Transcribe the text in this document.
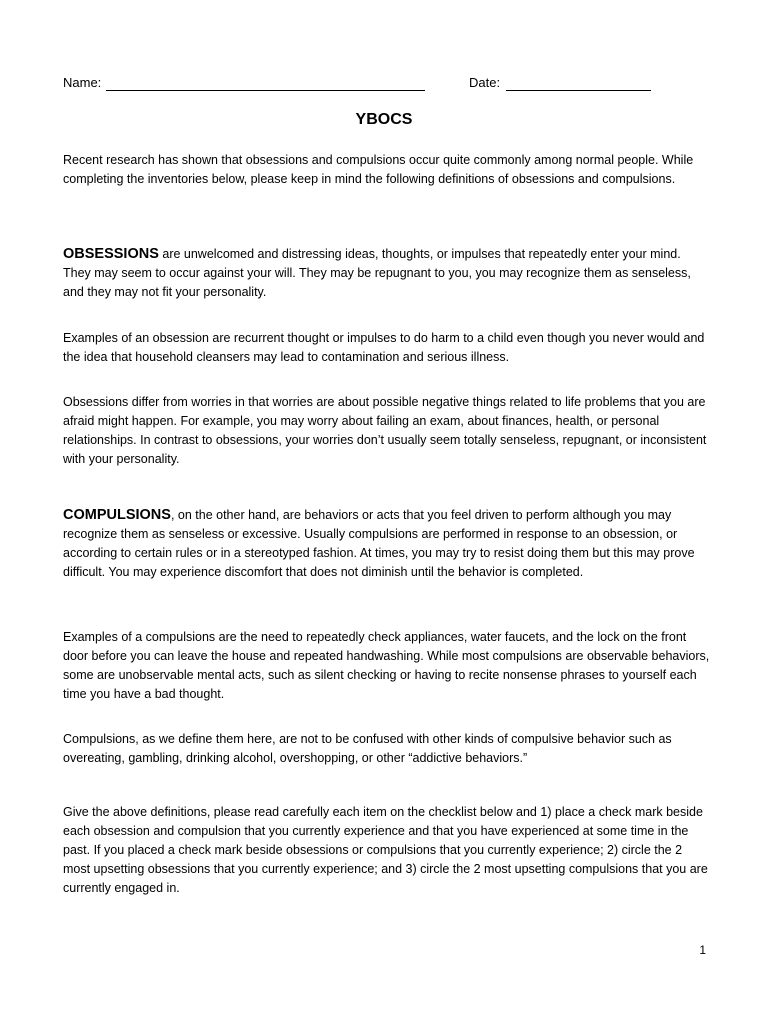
Name:	Date:
YBOCS
Recent research has shown that obsessions and compulsions occur quite commonly among normal people. While completing the inventories below, please keep in mind the following definitions of obsessions and compulsions.
OBSESSIONS are unwelcomed and distressing ideas, thoughts, or impulses that repeatedly enter your mind. They may seem to occur against your will. They may be repugnant to you, you may recognize them as senseless, and they may not fit your personality.
Examples of an obsession are recurrent thought or impulses to do harm to a child even though you never would and the idea that household cleansers may lead to contamination and serious illness.
Obsessions differ from worries in that worries are about possible negative things related to life problems that you are afraid might happen. For example, you may worry about failing an exam, about finances, health, or personal relationships. In contrast to obsessions, your worries don’t usually seem totally senseless, repugnant, or inconsistent with your personality.
COMPULSIONS, on the other hand, are behaviors or acts that you feel driven to perform although you may recognize them as senseless or excessive. Usually compulsions are performed in response to an obsession, or according to certain rules or in a stereotyped fashion. At times, you may try to resist doing them but this may prove difficult. You may experience discomfort that does not diminish until the behavior is completed.
Examples of a compulsions are the need to repeatedly check appliances, water faucets, and the lock on the front door before you can leave the house and repeated handwashing. While most compulsions are observable behaviors, some are unobservable mental acts, such as silent checking or having to recite nonsense phrases to yourself each time you have a bad thought.
Compulsions, as we define them here, are not to be confused with other kinds of compulsive behavior such as overeating, gambling, drinking alcohol, overshopping, or other “addictive behaviors.”
Give the above definitions, please read carefully each item on the checklist below and 1) place a check mark beside each obsession and compulsion that you currently experience and that you have experienced at some time in the past. If you placed a check mark beside obsessions or compulsions that you currently experience; 2) circle the 2 most upsetting obsessions that you currently experience; and 3) circle the 2 most upsetting compulsions that you are currently engaged in.
1
